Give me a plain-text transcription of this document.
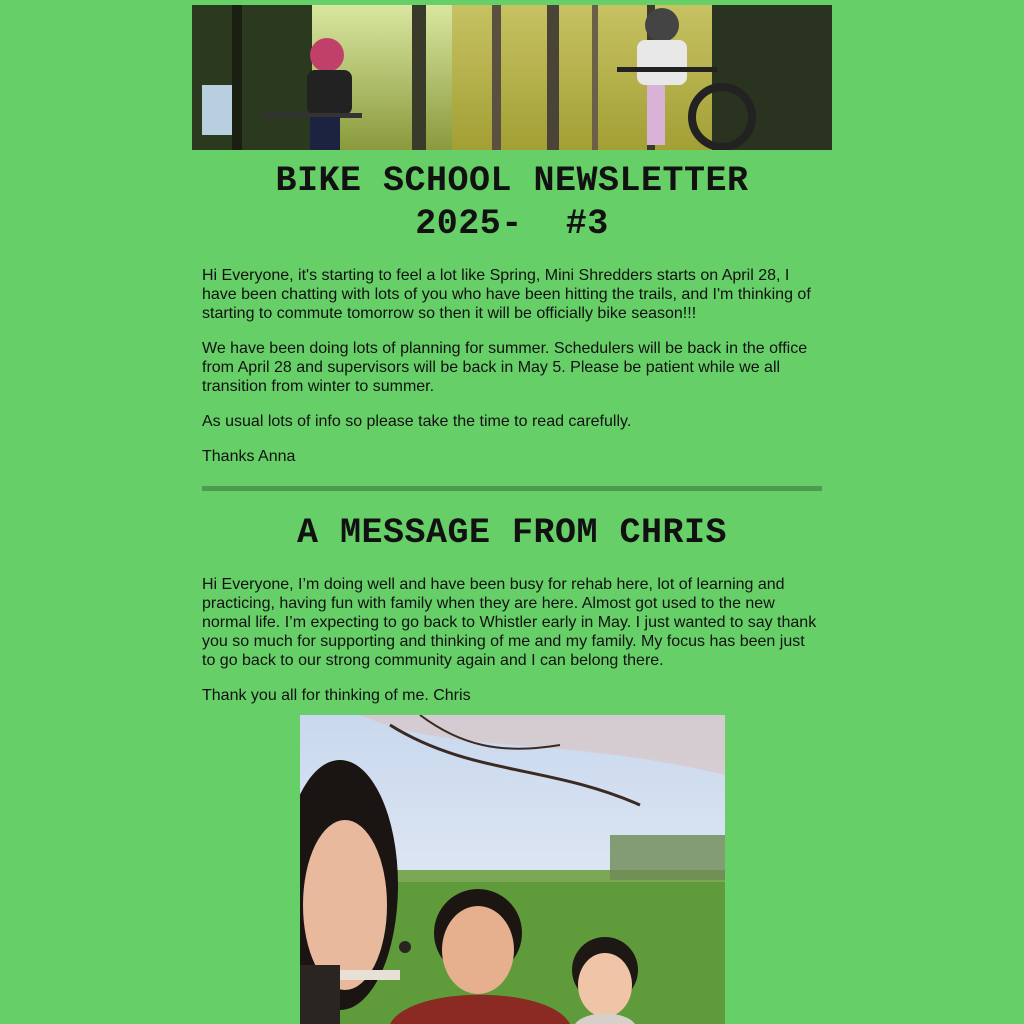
BIKE SCHOOL NEWSLETTER
2025-  #3

Hi Everyone, it's starting to feel a lot like Spring, Mini Shredders starts on April 28, I have been chatting with lots of you who have been hitting the trails, and I'm thinking of starting to commute tomorrow so then it will be officially bike season!!!

We have been doing lots of planning for summer. Schedulers will be back in the office from April 28 and supervisors will be back in May 5. Please be patient while we all transition from winter to summer.

As usual lots of info so please take the time to read carefully.

Thanks Anna

A MESSAGE FROM CHRIS

Hi Everyone, I’m doing well and have been busy for rehab here, lot of learning and practicing, having fun with family when they are here. Almost got used to the new normal life. I’m expecting to go back to Whistler early in May. I just wanted to say thank you so much for supporting and thinking of me and my family. My focus has been just to go back to our strong community again and I can belong there.

Thank you all for thinking of me. Chris
